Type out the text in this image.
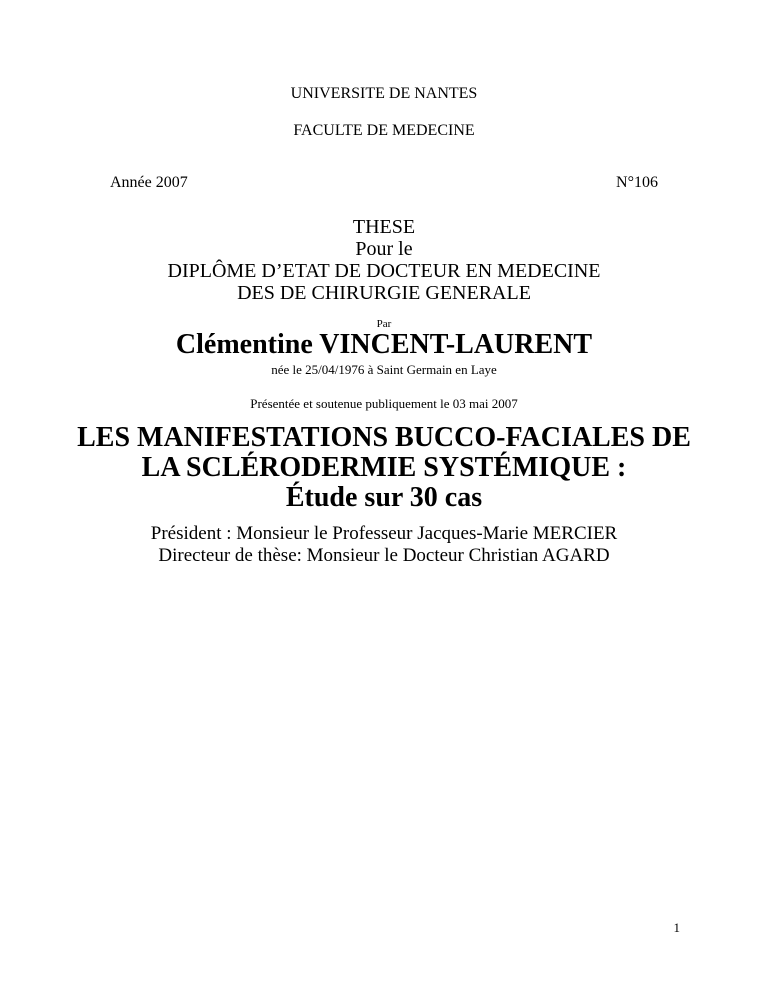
UNIVERSITE DE NANTES
FACULTE DE MEDECINE
Année 2007	N°106
THESE
Pour le
DIPLÔME D’ETAT DE DOCTEUR EN MEDECINE
DES DE CHIRURGIE GENERALE
Par
Clémentine VINCENT-LAURENT
née le 25/04/1976 à Saint Germain en Laye
Présentée et soutenue publiquement le 03 mai 2007
LES MANIFESTATIONS BUCCO-FACIALES DE
LA SCLÉRODERMIE SYSTÉMIQUE :
Étude sur 30 cas
Président : Monsieur le Professeur Jacques-Marie MERCIER
Directeur de thèse: Monsieur le Docteur Christian AGARD
1
